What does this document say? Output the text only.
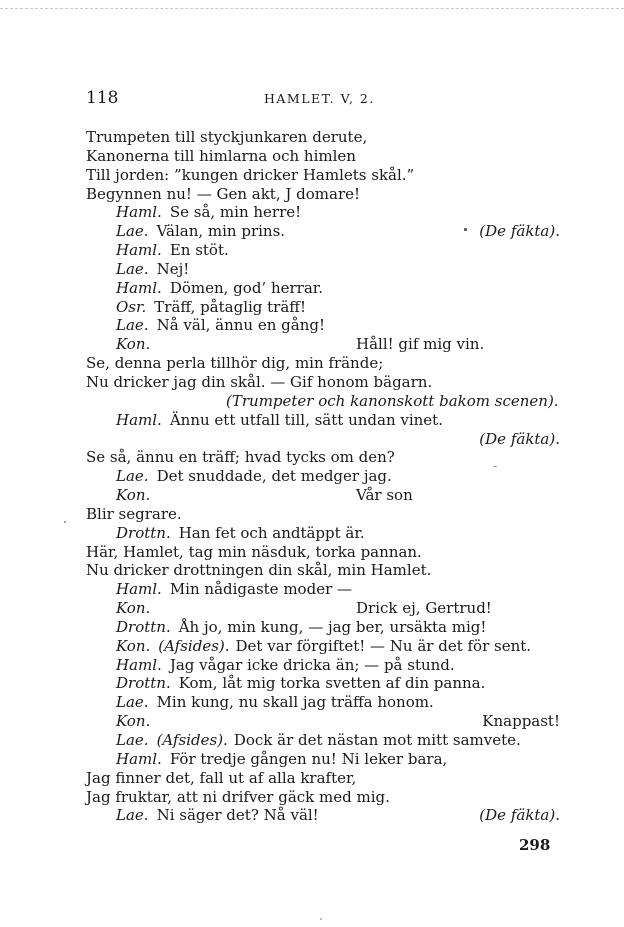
118	HAMLET. V, 2.
Trumpeten till styckjunkaren derute,
Kanonerna till himlarna och himlen
Till jorden: ”kungen dricker Hamlets skål.”
Begynnen nu! — Gen akt, J domare!
Haml. Se så, min herre!
Lae. Välan, min prins.	(De fäkta).
Haml. En stöt.
Lae. Nej!
Haml. Dömen, god’ herrar.
Osr. Träff, påtaglig träff!
Lae. Nå väl, ännu en gång!
Kon.	Håll! gif mig vin.
Se, denna perla tillhör dig, min frände;
Nu dricker jag din skål. — Gif honom bägarn.
(Trumpeter och kanonskott bakom scenen).
Haml. Ännu ett utfall till, sätt undan vinet.
(De fäkta).
Se så, ännu en träff; hvad tycks om den?
Lae. Det snuddade, det medger jag.
Kon.	Vår son
Blir segrare.
Drottn. Han fet och andtäppt är.
Här, Hamlet, tag min näsduk, torka pannan.
Nu dricker drottningen din skål, min Hamlet.
Haml. Min nådigaste moder —
Kon.	Drick ej, Gertrud!
Drottn. Åh jo, min kung, — jag ber, ursäkta mig!
Kon. (Afsides). Det var förgiftet! — Nu är det för sent.
Haml. Jag vågar icke dricka än; — på stund.
Drottn. Kom, låt mig torka svetten af din panna.
Lae. Min kung, nu skall jag träffa honom.
Kon.	Knappast!
Lae. (Afsides). Dock är det nästan mot mitt samvete.
Haml. För tredje gången nu! Ni leker bara,
Jag finner det, fall ut af alla krafter,
Jag fruktar, att ni drifver gäck med mig.
Lae. Ni säger det? Nå väl!	(De fäkta).
298
